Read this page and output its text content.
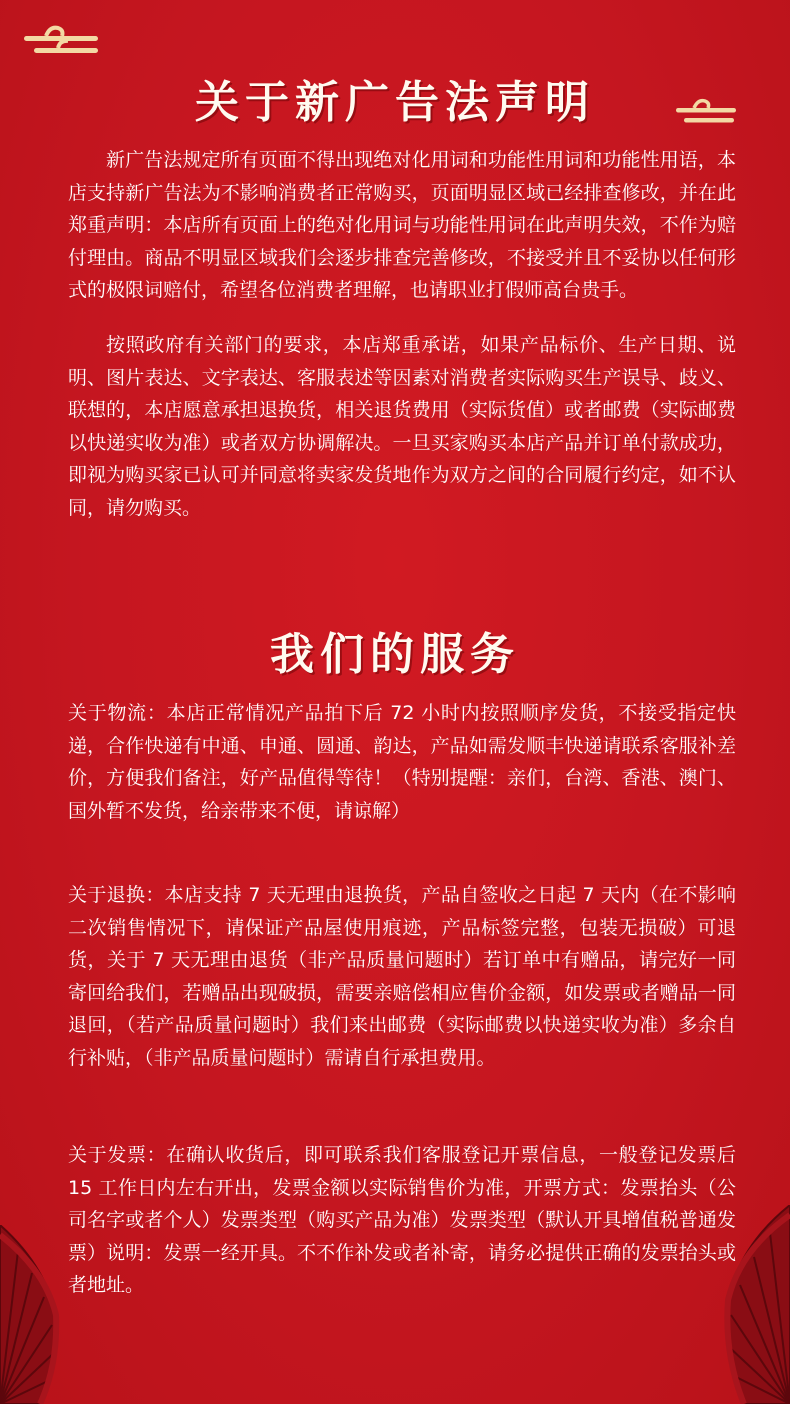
关于新广告法声明

新广告法规定所有页面不得出现绝对化用词和功能性用词和功能性用语，本店支持新广告法为不影响消费者正常购买，页面明显区域已经排查修改，并在此郑重声明：本店所有页面上的绝对化用词与功能性用词在此声明失效，不作为赔付理由。商品不明显区域我们会逐步排查完善修改，不接受并且不妥协以任何形式的极限词赔付，希望各位消费者理解，也请职业打假师高台贵手。

按照政府有关部门的要求，本店郑重承诺，如果产品标价、生产日期、说明、图片表达、文字表达、客服表述等因素对消费者实际购买生产误导、歧义、联想的，本店愿意承担退换货，相关退货费用（实际货值）或者邮费（实际邮费以快递实收为准）或者双方协调解决。一旦买家购买本店产品并订单付款成功，即视为购买家已认可并同意将卖家发货地作为双方之间的合同履行约定，如不认同，请勿购买。

我们的服务

关于物流：本店正常情况产品拍下后 72 小时内按照顺序发货，不接受指定快递，合作快递有中通、申通、圆通、韵达，产品如需发顺丰快递请联系客服补差价，方便我们备注，好产品值得等待！（特别提醒：亲们，台湾、香港、澳门、国外暂不发货，给亲带来不便，请谅解）

关于退换：本店支持 7 天无理由退换货，产品自签收之日起 7 天内（在不影响二次销售情况下，请保证产品屋使用痕迹，产品标签完整，包装无损破）可退货，关于 7 天无理由退货（非产品质量问题时）若订单中有赠品，请完好一同寄回给我们，若赠品出现破损，需要亲赔偿相应售价金额，如发票或者赠品一同退回，（若产品质量问题时）我们来出邮费（实际邮费以快递实收为准）多余自行补贴，（非产品质量问题时）需请自行承担费用。

关于发票：在确认收货后，即可联系我们客服登记开票信息，一般登记发票后 15 工作日内左右开出，发票金额以实际销售价为准，开票方式：发票抬头（公司名字或者个人）发票类型（购买产品为准）发票类型（默认开具增值税普通发票）说明：发票一经开具。不不作补发或者补寄，请务必提供正确的发票抬头或者地址。
